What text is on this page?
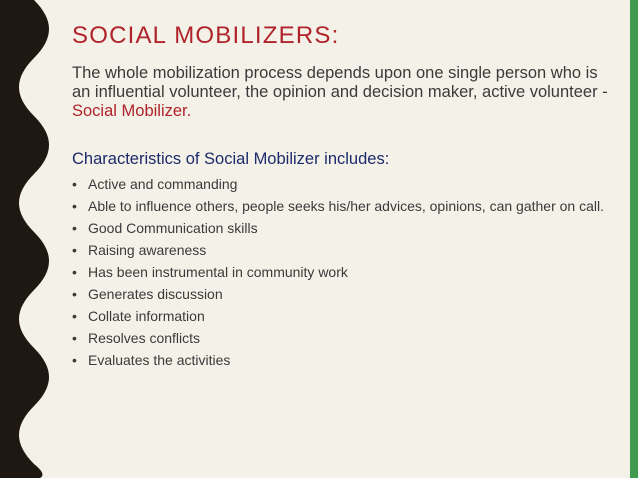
SOCIAL MOBILIZERS:

The whole mobilization process depends upon one single person who is an influential volunteer, the opinion and decision maker, active volunteer - Social Mobilizer.

Characteristics of Social Mobilizer includes:

• Active and commanding
• Able to influence others, people seeks his/her advices, opinions, can gather on call.
• Good Communication skills
• Raising awareness
• Has been instrumental in community work
• Generates discussion
• Collate information
• Resolves conflicts
• Evaluates the activities
